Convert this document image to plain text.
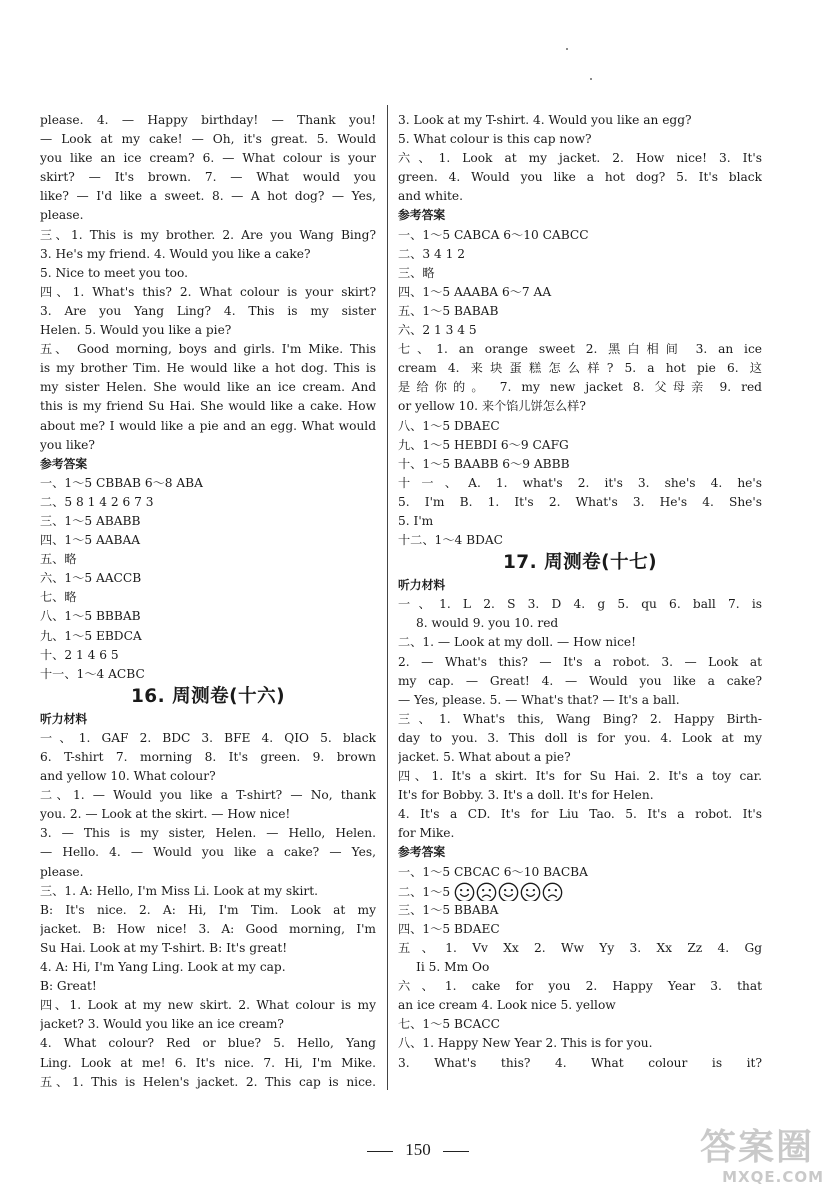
please. 4. — Happy birthday! — Thank you!
— Look at my cake! — Oh, it's great. 5. Would
you like an ice cream? 6. — What colour is your
skirt? — It's brown. 7. — What would you
like? — I'd like a sweet. 8. — A hot dog? — Yes,
please.
三、1. This is my brother. 2. Are you Wang Bing?
3. He's my friend. 4. Would you like a cake?
5. Nice to meet you too.
四、1. What's this? 2. What colour is your skirt?
3. Are you Yang Ling? 4. This is my sister
Helen. 5. Would you like a pie?
五、 Good morning, boys and girls. I'm Mike. This
is my brother Tim. He would like a hot dog. This is
my sister Helen. She would like an ice cream. And
this is my friend Su Hai. She would like a cake. How
about me? I would like a pie and an egg. What would
you like?
参考答案
一、1～5 CBBAB 6～8 ABA
二、5 8 1 4 2 6 7 3
三、1～5 ABABB
四、1～5 AABAA
五、略
六、1～5 AACCB
七、略
八、1～5 BBBAB
九、1～5 EBDCA
十、2 1 4 6 5
十一、1～4 ACBC
16. 周测卷(十六)
听力材料
一、1. GAF 2. BDC 3. BFE 4. QIO 5. black
6. T-shirt 7. morning 8. It's green. 9. brown
and yellow 10. What colour?
二、1. — Would you like a T-shirt? — No, thank
you. 2. — Look at the skirt. — How nice!
3. — This is my sister, Helen. — Hello, Helen.
— Hello. 4. — Would you like a cake? — Yes,
please.
三、1. A: Hello, I'm Miss Li. Look at my skirt.
B: It's nice. 2. A: Hi, I'm Tim. Look at my
jacket. B: How nice! 3. A: Good morning, I'm
Su Hai. Look at my T-shirt. B: It's great!
4. A: Hi, I'm Yang Ling. Look at my cap.
B: Great!
四、1. Look at my new skirt. 2. What colour is my
jacket? 3. Would you like an ice cream?
4. What colour? Red or blue? 5. Hello, Yang
Ling. Look at me! 6. It's nice. 7. Hi, I'm Mike.
五、1. This is Helen's jacket. 2. This cap is nice.
3. Look at my T-shirt. 4. Would you like an egg?
5. What colour is this cap now?
六、1. Look at my jacket. 2. How nice! 3. It's
green. 4. Would you like a hot dog? 5. It's black
and white.
参考答案
一、1～5 CABCA 6～10 CABCC
二、3 4 1 2
三、略
四、1～5 AAABA 6～7 AA
五、1～5 BABAB
六、2 1 3 4 5
七、1. an orange sweet 2. 黑白相间 3. an ice
cream 4. 来块蛋糕怎么样? 5. a hot pie 6. 这
是给你的。 7. my new jacket 8. 父母亲 9. red
or yellow 10. 来个馅儿饼怎么样?
八、1～5 DBAEC
九、1～5 HEBDI 6～9 CAFG
十、1～5 BAABB 6～9 ABBB
十一、A. 1. what's 2. it's 3. she's 4. he's
5. I'm B. 1. It's 2. What's 3. He's 4. She's
5. I'm
十二、1～4 BDAC
17. 周测卷(十七)
听力材料
一、1. L 2. S 3. D 4. g 5. qu 6. ball 7. is
8. would 9. you 10. red
二、1. — Look at my doll. — How nice!
2. — What's this? — It's a robot. 3. — Look at
my cap. — Great! 4. — Would you like a cake?
— Yes, please. 5. — What's that? — It's a ball.
三、1. What's this, Wang Bing? 2. Happy Birth-
day to you. 3. This doll is for you. 4. Look at my
jacket. 5. What about a pie?
四、1. It's a skirt. It's for Su Hai. 2. It's a toy car.
It's for Bobby. 3. It's a doll. It's for Helen.
4. It's a CD. It's for Liu Tao. 5. It's a robot. It's
for Mike.
参考答案
一、1～5 CBCAC 6～10 BACBA
二、1～5
三、1～5 BBABA
四、1～5 BDAEC
五、1. Vv Xx 2. Ww Yy 3. Xx Zz 4. Gg
Ii 5. Mm Oo
六、1. cake for you 2. Happy Year 3. that
an ice cream 4. Look nice 5. yellow
七、1～5 BCACC
八、1. Happy New Year 2. This is for you.
3. What's this? 4. What colour is it?
150	答案圈
MXQE.COM
